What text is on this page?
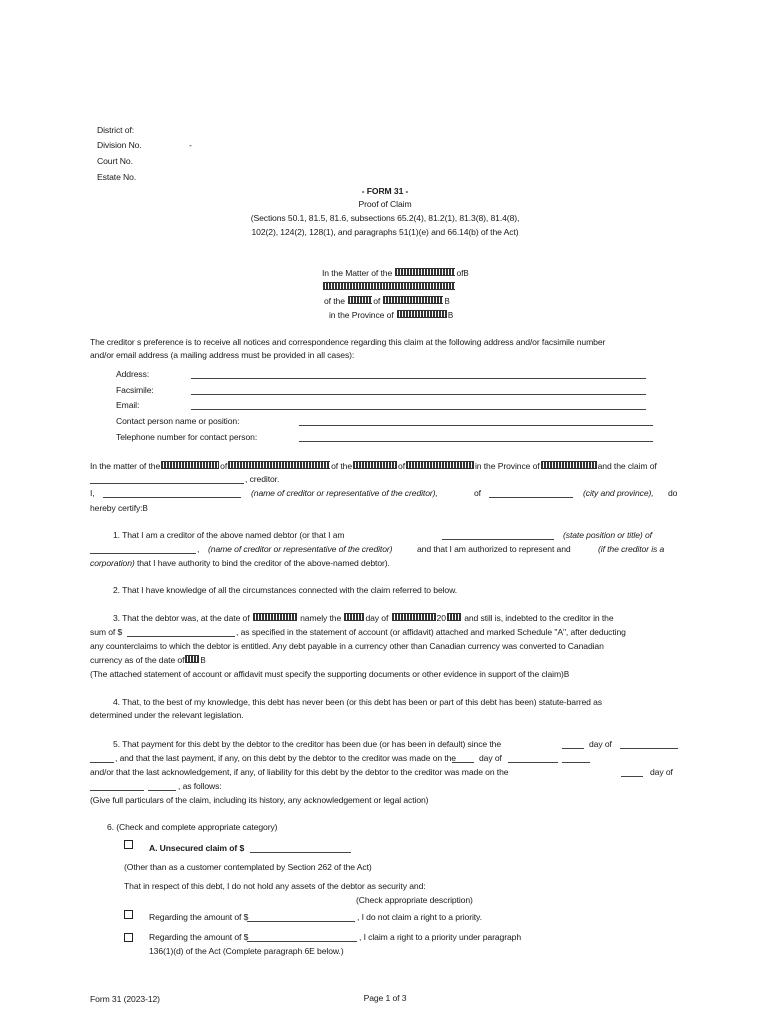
District of:
Division No.	-
Court No.
Estate No.
- FORM 31 -
Proof of Claim
(Sections 50.1, 81.5, 81.6, subsections 65.2(4), 81.2(1), 81.3(8), 81.4(8),
102(2), 124(2), 128(1), and paragraphs 51(1)(e) and 66.14(b) of the Act)
In the Matter of the	ofB
of the	of	B
in the Province of	B
The creditor s preference is to receive all notices and correspondence regarding this claim at the following address and/or facsimile number
and/or email address (a mailing address must be provided in all cases):
Address:
Facsimile:
Email:
Contact person name or position:
Telephone number for contact person:
In the matter of the	of	of the	of	in the Province of	and the claim of
, creditor.
I,	(name of creditor or representative of the creditor),	of	(city and province), do
hereby certify:B
1. That I am a creditor of the above named debtor (or that I am	(state position or title) of
, (name of creditor or representative of the creditor)	and that I am authorized to represent and	(if the creditor is a
corporation) that I have authority to bind the creditor of the above-named debtor).
2. That I have knowledge of all the circumstances connected with the claim referred to below.
3. That the debtor was, at the date of	namely the	day of	20 and still is, indebted to the creditor in the
sum of $	, as specified in the statement of account (or affidavit) attached and marked Schedule "A", after deducting
any counterclaims to which the debtor is entitled. Any debt payable in a currency other than Canadian currency was converted to Canadian
currency as of the date of B
(The attached statement of account or affidavit must specify the supporting documents or other evidence in support of the claim)B
4. That, to the best of my knowledge, this debt has never been (or this debt has been or part of this debt has been) statute-barred as
determined under the relevant legislation.
5. That payment for this debt by the debtor to the creditor has been due (or has been in default) since the	day of
, and that the last payment, if any, on this debt by the debtor to the creditor was made on the	day of
and/or that the last acknowledgement, if any, of liability for this debt by the debtor to the creditor was made on the	day of
, as follows:
(Give full particulars of the claim, including its history, any acknowledgement or legal action)
6. (Check and complete appropriate category)
A. Unsecured claim of $
(Other than as a customer contemplated by Section 262 of the Act)
That in respect of this debt, I do not hold any assets of the debtor as security and:
(Check appropriate description)
Regarding the amount of $	, I do not claim a right to a priority.
Regarding the amount of $	, I claim a right to a priority under paragraph
136(1)(d) of the Act (Complete paragraph 6E below.)
Form 31 (2023-12)	Page 1 of 3
